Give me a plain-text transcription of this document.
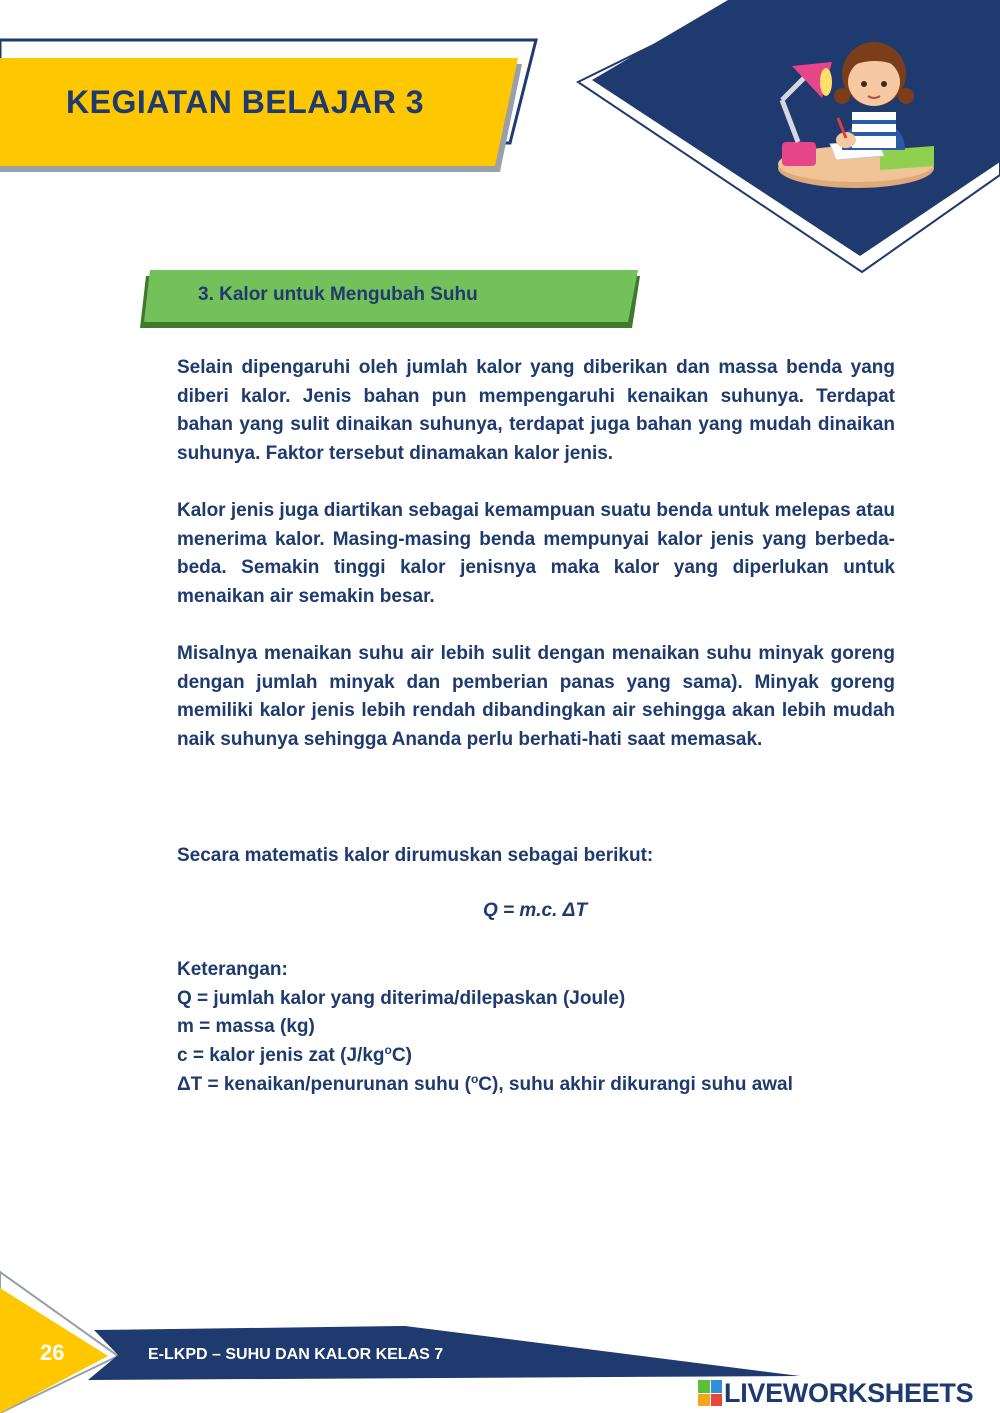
KEGIATAN BELAJAR 3
3. Kalor untuk Mengubah Suhu
Selain dipengaruhi oleh jumlah kalor yang diberikan dan massa benda yang diberi kalor. Jenis bahan pun mempengaruhi kenaikan suhunya. Terdapat bahan yang sulit dinaikan suhunya, terdapat juga bahan yang mudah dinaikan suhunya. Faktor tersebut dinamakan kalor jenis.
Kalor jenis juga diartikan sebagai kemampuan suatu benda untuk melepas atau menerima kalor. Masing-masing benda mempunyai kalor jenis yang berbeda-beda. Semakin tinggi kalor jenisnya maka kalor yang diperlukan untuk menaikan air semakin besar.
Misalnya menaikan suhu air lebih sulit dengan menaikan suhu minyak goreng dengan jumlah minyak dan pemberian panas yang sama). Minyak goreng memiliki kalor jenis lebih rendah dibandingkan air sehingga akan lebih mudah naik suhunya sehingga Ananda perlu berhati-hati saat memasak.
Secara matematis kalor dirumuskan sebagai berikut:
Q = m.c. ΔT
Keterangan:
Q = jumlah kalor yang diterima/dilepaskan (Joule)
m = massa (kg)
c = kalor jenis zat $(J/kg^oC)$
ΔT = kenaikan/penurunan suhu ($^o$C), suhu akhir dikurangi suhu awal
26	E-LKPD – SUHU DAN KALOR KELAS 7
LIVEWORKSHEETS
